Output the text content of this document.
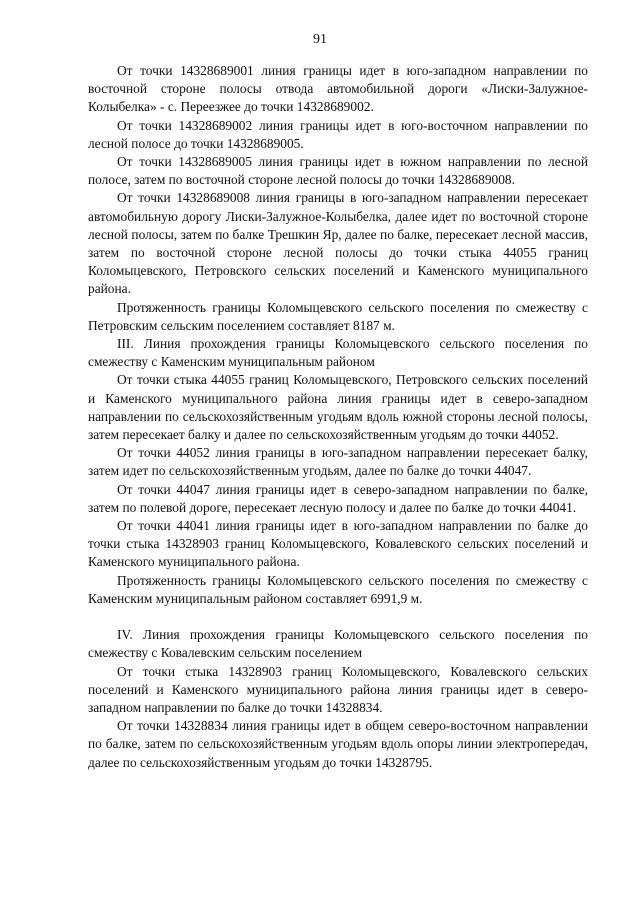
91

От точки 14328689001 линия границы идет в юго-западном направлении по восточной стороне полосы отвода автомобильной дороги «Лиски-Залужное-Колыбелка» - с. Переезжее до точки 14328689002.

От точки 14328689002 линия границы идет в юго-восточном направлении по лесной полосе до точки 14328689005.

От точки 14328689005 линия границы идет в южном направлении по лесной полосе, затем по восточной стороне лесной полосы до точки 14328689008.

От точки 14328689008 линия границы в юго-западном направлении пересекает автомобильную дорогу Лиски-Залужное-Колыбелка, далее идет по восточной стороне лесной полосы, затем по балке Трешкин Яр, далее по балке, пересекает лесной массив, затем по восточной стороне лесной полосы до точки стыка 44055 границ Коломыцевского, Петровского сельских поселений и Каменского муниципального района.

Протяженность границы Коломыцевского сельского поселения по смежеству с Петровским сельским поселением составляет 8187 м.

III. Линия прохождения границы Коломыцевского сельского поселения по смежеству с Каменским муниципальным районом

От точки стыка 44055 границ Коломыцевского, Петровского сельских поселений и Каменского муниципального района линия границы идет в северо-западном направлении по сельскохозяйственным угодьям вдоль южной стороны лесной полосы, затем пересекает балку и далее по сельскохозяйственным угодьям до точки 44052.

От точки 44052 линия границы в юго-западном направлении пересекает балку, затем идет по сельскохозяйственным угодьям, далее по балке до точки 44047.

От точки 44047 линия границы идет в северо-западном направлении по балке, затем по полевой дороге, пересекает лесную полосу и далее по балке до точки 44041.

От точки 44041 линия границы идет в юго-западном направлении по балке до точки стыка 14328903 границ Коломыцевского, Ковалевского сельских поселений и Каменского муниципального района.

Протяженность границы Коломыцевского сельского поселения по смежеству с Каменским муниципальным районом составляет 6991,9 м.

IV. Линия прохождения границы Коломыцевского сельского поселения по смежеству с Ковалевским сельским поселением

От точки стыка 14328903 границ Коломыцевского, Ковалевского сельских поселений и Каменского муниципального района линия границы идет в северо-западном направлении по балке до точки 14328834.

От точки 14328834 линия границы идет в общем северо-восточном направлении по балке, затем по сельскохозяйственным угодьям вдоль опоры линии электропередач, далее по сельскохозяйственным угодьям до точки 14328795.
